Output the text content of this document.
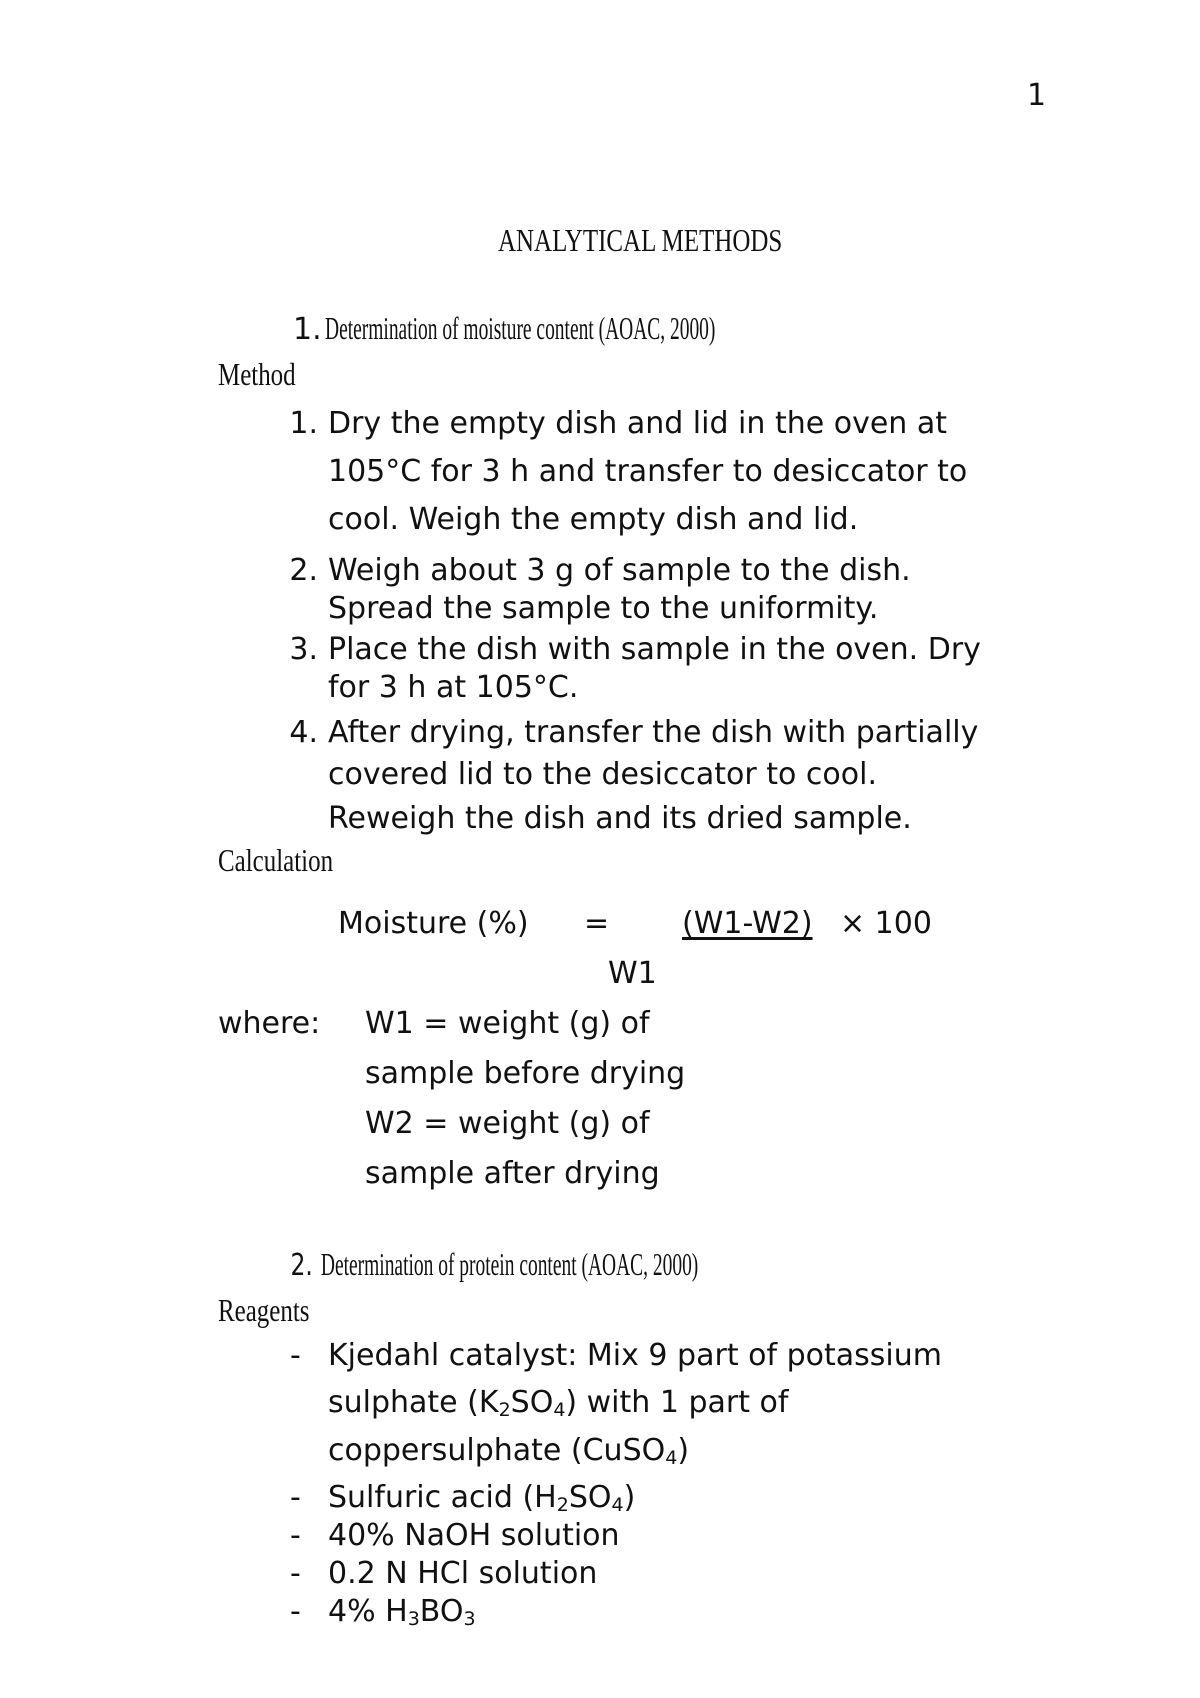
1
ANALYTICAL METHODS
1.Determination of moisture content (AOAC, 2000)
Method
1. Dry the empty dish and lid in the oven at
105°C for 3 h and transfer to desiccator to
cool. Weigh the empty dish and lid.
2. Weigh about 3 g of sample to the dish.
Spread the sample to the uniformity.
3. Place the dish with sample in the oven. Dry
for 3 h at 105°C.
4. After drying, transfer the dish with partially
covered lid to the desiccator to cool.
Reweigh the dish and its dried sample.
Calculation
Moisture (%) = (W1-W2) × 100
W1
where: W1 = weight (g) of
sample before drying
W2 = weight (g) of
sample after drying
2. Determination of protein content (AOAC, 2000)
Reagents
- Kjedahl catalyst: Mix 9 part of potassium
sulphate $(K_2SO_4)$ with 1 part of
coppersulphate (CuSO$_4$)
- Sulfuric acid $(H_2SO_4)$
- 40% NaOH solution
- 0.2 N HCl solution
- 4% $H_3BO_3$
